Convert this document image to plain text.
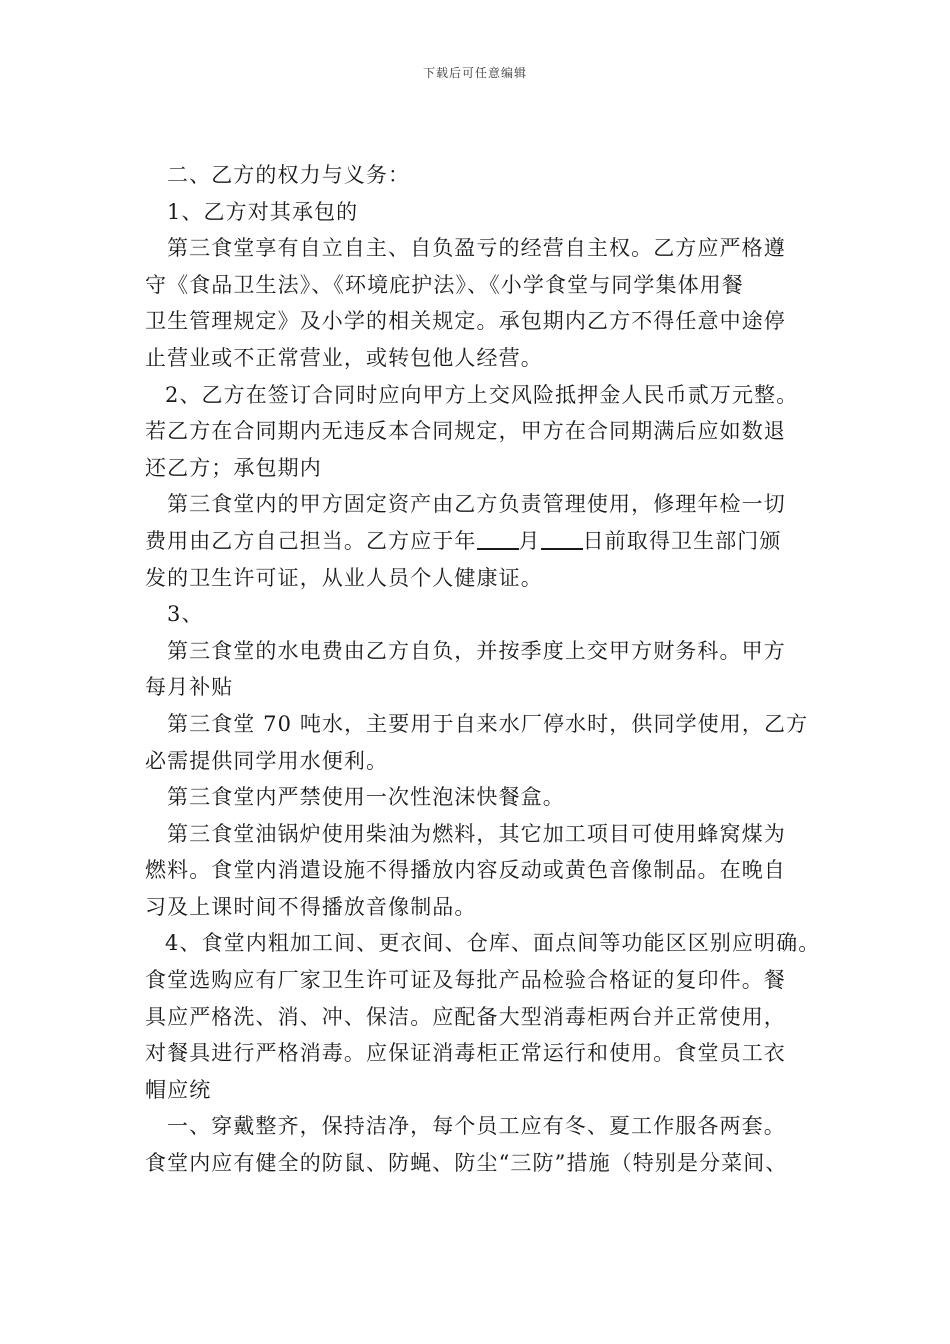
下载后可任意编辑
二、乙方的权力与义务：
1、乙方对其承包的
第三食堂享有自立自主、自负盈亏的经营自主权。乙方应严格遵
守《食品卫生法》、《环境庇护法》、《小学食堂与同学集体用餐
卫生管理规定》及小学的相关规定。承包期内乙方不得任意中途停
止营业或不正常营业，或转包他人经营。
2、乙方在签订合同时应向甲方上交风险抵押金人民币贰万元整。
若乙方在合同期内无违反本合同规定，甲方在合同期满后应如数退
还乙方；承包期内
第三食堂内的甲方固定资产由乙方负责管理使用，修理年检一切
费用由乙方自己担当。乙方应于年 月 日前取得卫生部门颁
发的卫生许可证，从业人员个人健康证。
3、
第三食堂的水电费由乙方自负，并按季度上交甲方财务科。甲方
每月补贴
第三食堂 70 吨水，主要用于自来水厂停水时，供同学使用，乙方
必需提供同学用水便利。
第三食堂内严禁使用一次性泡沫快餐盒。
第三食堂油锅炉使用柴油为燃料，其它加工项目可使用蜂窝煤为
燃料。食堂内消遣设施不得播放内容反动或黄色音像制品。在晚自
习及上课时间不得播放音像制品。
4、食堂内粗加工间、更衣间、仓库、面点间等功能区区别应明确。
食堂选购应有厂家卫生许可证及每批产品检验合格证的复印件。餐
具应严格洗、消、冲、保洁。应配备大型消毒柜两台并正常使用，
对餐具进行严格消毒。应保证消毒柜正常运行和使用。食堂员工衣
帽应统
一、穿戴整齐，保持洁净，每个员工应有冬、夏工作服各两套。
食堂内应有健全的防鼠、防蝇、防尘“三防”措施（特别是分菜间、
